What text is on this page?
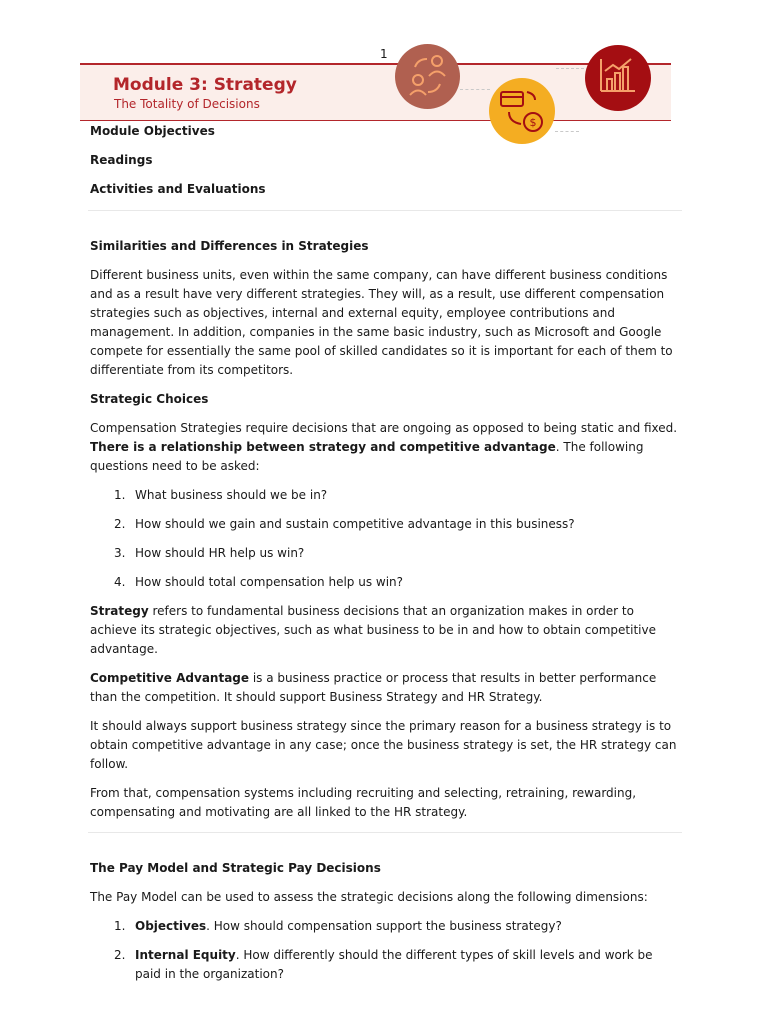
1
Module 3: Strategy
The Totality of Decisions
$
Module Objectives
Readings
Activities and Evaluations
Similarities and Differences in Strategies

Different business units, even within the same company, can have different business conditions and as a result have very different strategies. They will, as a result, use different compensation strategies such as objectives, internal and external equity, employee contributions and management. In addition, companies in the same basic industry, such as Microsoft and Google compete for essentially the same pool of skilled candidates so it is important for each of them to differentiate from its competitors.

Strategic Choices

Compensation Strategies require decisions that are ongoing as opposed to being static and fixed. There is a relationship between strategy and competitive advantage. The following questions need to be asked:

1. What business should we be in?
2. How should we gain and sustain competitive advantage in this business?
3. How should HR help us win?
4. How should total compensation help us win?

Strategy refers to fundamental business decisions that an organization makes in order to achieve its strategic objectives, such as what business to be in and how to obtain competitive advantage.

Competitive Advantage is a business practice or process that results in better performance than the competition. It should support Business Strategy and HR Strategy.

It should always support business strategy since the primary reason for a business strategy is to obtain competitive advantage in any case; once the business strategy is set, the HR strategy can follow.

From that, compensation systems including recruiting and selecting, retraining, rewarding, compensating and motivating are all linked to the HR strategy.

The Pay Model and Strategic Pay Decisions

The Pay Model can be used to assess the strategic decisions along the following dimensions:

1. Objectives. How should compensation support the business strategy?
2. Internal Equity. How differently should the different types of skill levels and work be paid in the organization?
